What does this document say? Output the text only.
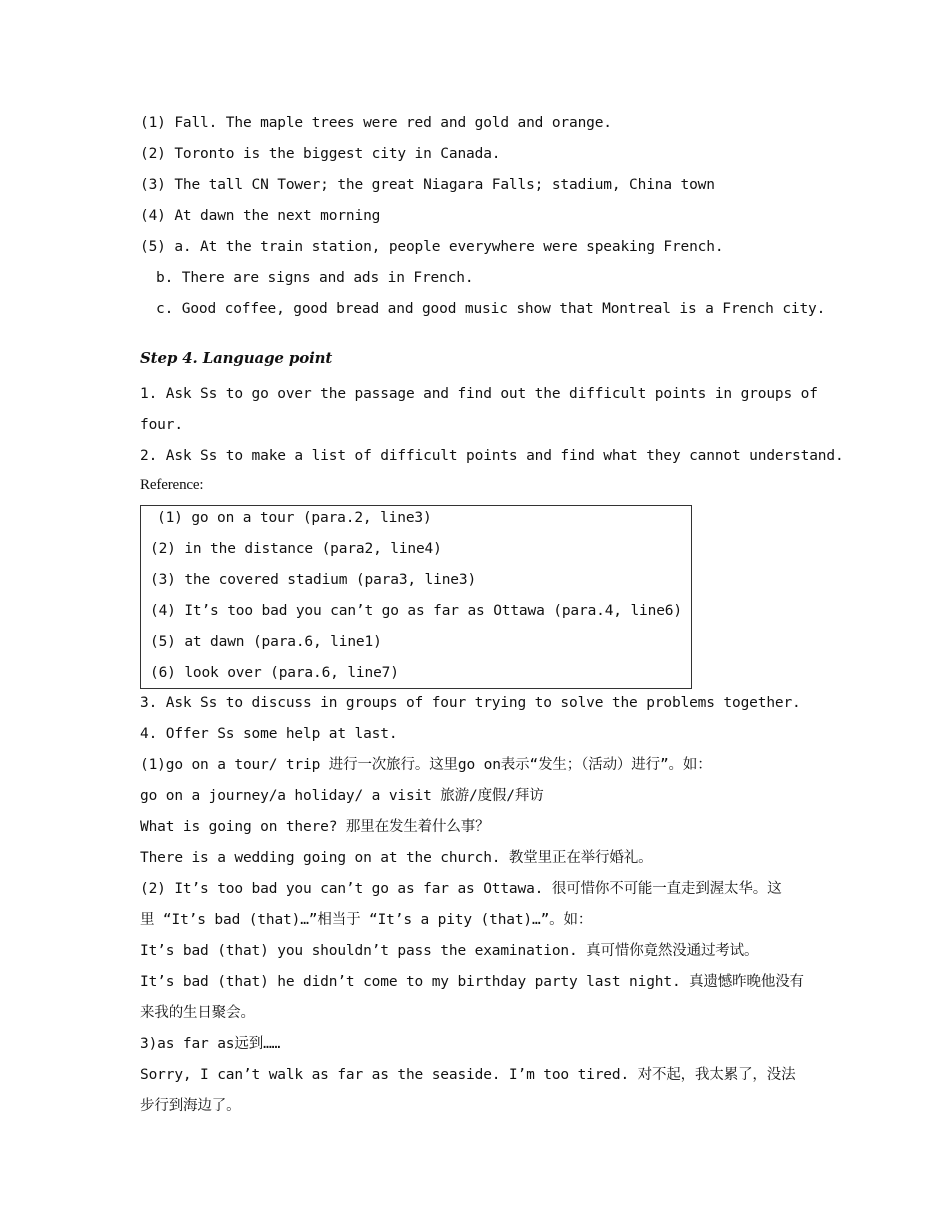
(1) Fall. The maple trees were red and gold and orange.
(2) Toronto is the biggest city in Canada.
(3) The tall CN Tower; the great Niagara Falls; stadium, China town
(4) At dawn the next morning
(5) a. At the train station, people everywhere were speaking French.
b. There are signs and ads in French.
c. Good coffee, good bread and good music show that Montreal is a French city.
Step 4. Language point
1. Ask Ss to go over the passage and find out the difficult points in groups of
four.
2. Ask Ss to make a list of difficult points and find what they cannot understand.
Reference:
(1) go on a tour (para.2, line3)
(2) in the distance (para2, line4)
(3) the covered stadium (para3, line3)
(4) It’s too bad you can’t go as far as Ottawa (para.4, line6)
(5) at dawn (para.6, line1)
(6) look over (para.6, line7)
3. Ask Ss to discuss in groups of four trying to solve the problems together.
4. Offer Ss some help at last.
(1)go on a tour/ trip 进行一次旅行。这里go on表示“发生；（活动）进行”。如：
go on a journey/a holiday/ a visit 旅游/度假/拜访
What is going on there? 那里在发生着什么事？
There is a wedding going on at the church. 教堂里正在举行婚礼。
(2) It’s too bad you can’t go as far as Ottawa. 很可惜你不可能一直走到渥太华。这
里 “It’s bad (that)…”相当于 “It’s a pity (that)…”。如：
It’s bad (that) you shouldn’t pass the examination. 真可惜你竟然没通过考试。
It’s bad (that) he didn’t come to my birthday party last night. 真遗憾昨晚他没有
来我的生日聚会。
3)as far as远到……
Sorry, I can’t walk as far as the seaside. I’m too tired. 对不起，我太累了，没法
步行到海边了。
